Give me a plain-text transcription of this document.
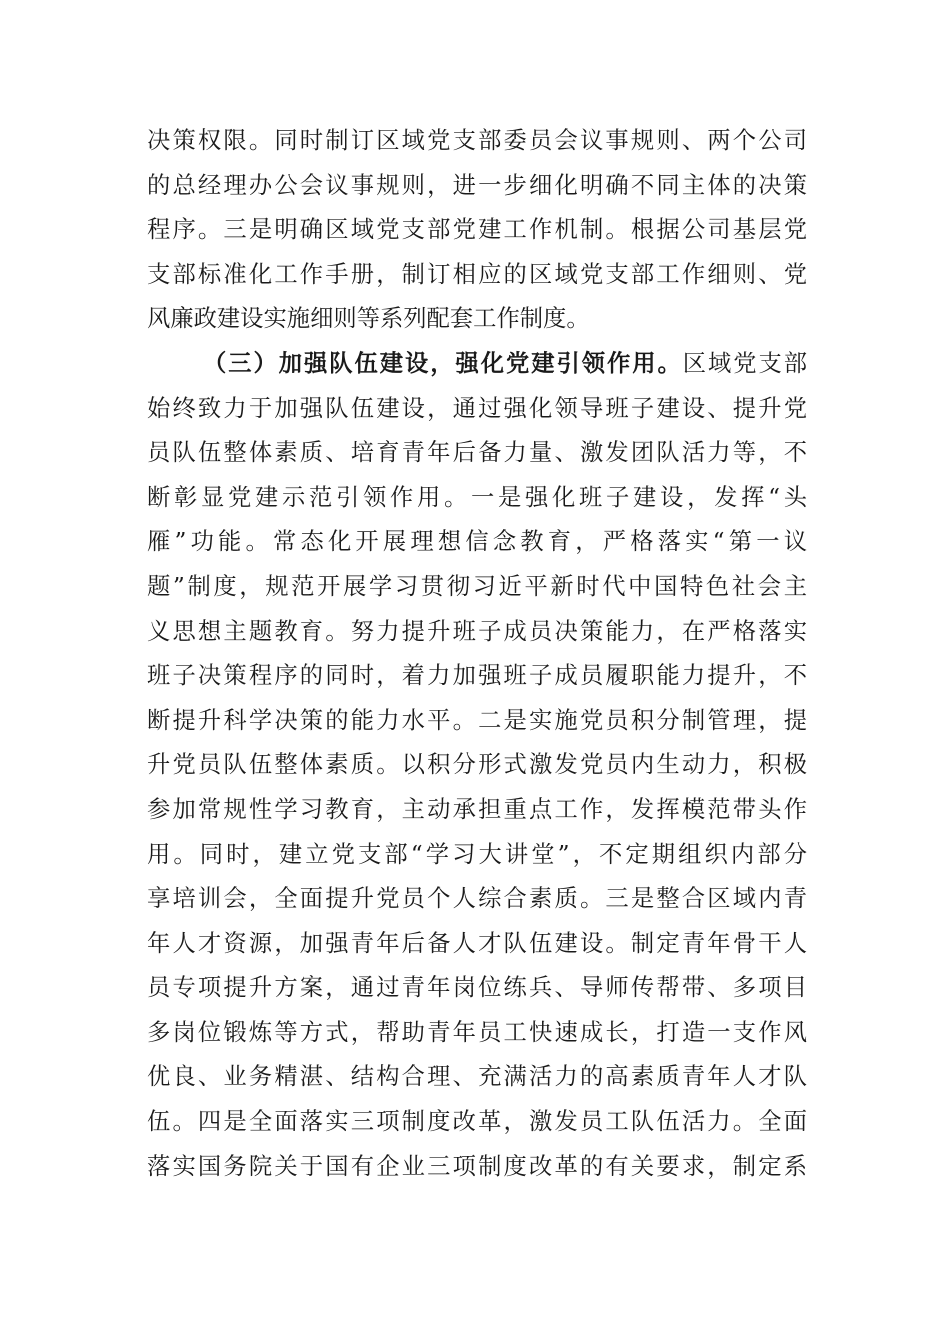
决策权限。同时制订区域党支部委员会议事规则、两个公司
的总经理办公会议事规则，进一步细化明确不同主体的决策
程序。三是明确区域党支部党建工作机制。根据公司基层党
支部标准化工作手册，制订相应的区域党支部工作细则、党
风廉政建设实施细则等系列配套工作制度。
（三）加强队伍建设，强化党建引领作用。区域党支部
始终致力于加强队伍建设，通过强化领导班子建设、提升党
员队伍整体素质、培育青年后备力量、激发团队活力等，不
断彰显党建示范引领作用。一是强化班子建设，发挥“头
雁”功能。常态化开展理想信念教育，严格落实“第一议
题”制度，规范开展学习贯彻习近平新时代中国特色社会主
义思想主题教育。努力提升班子成员决策能力，在严格落实
班子决策程序的同时，着力加强班子成员履职能力提升，不
断提升科学决策的能力水平。二是实施党员积分制管理，提
升党员队伍整体素质。以积分形式激发党员内生动力，积极
参加常规性学习教育，主动承担重点工作，发挥模范带头作
用。同时，建立党支部“学习大讲堂”，不定期组织内部分
享培训会，全面提升党员个人综合素质。三是整合区域内青
年人才资源，加强青年后备人才队伍建设。制定青年骨干人
员专项提升方案，通过青年岗位练兵、导师传帮带、多项目
多岗位锻炼等方式，帮助青年员工快速成长，打造一支作风
优良、业务精湛、结构合理、充满活力的高素质青年人才队
伍。四是全面落实三项制度改革，激发员工队伍活力。全面
落实国务院关于国有企业三项制度改革的有关要求，制定系
